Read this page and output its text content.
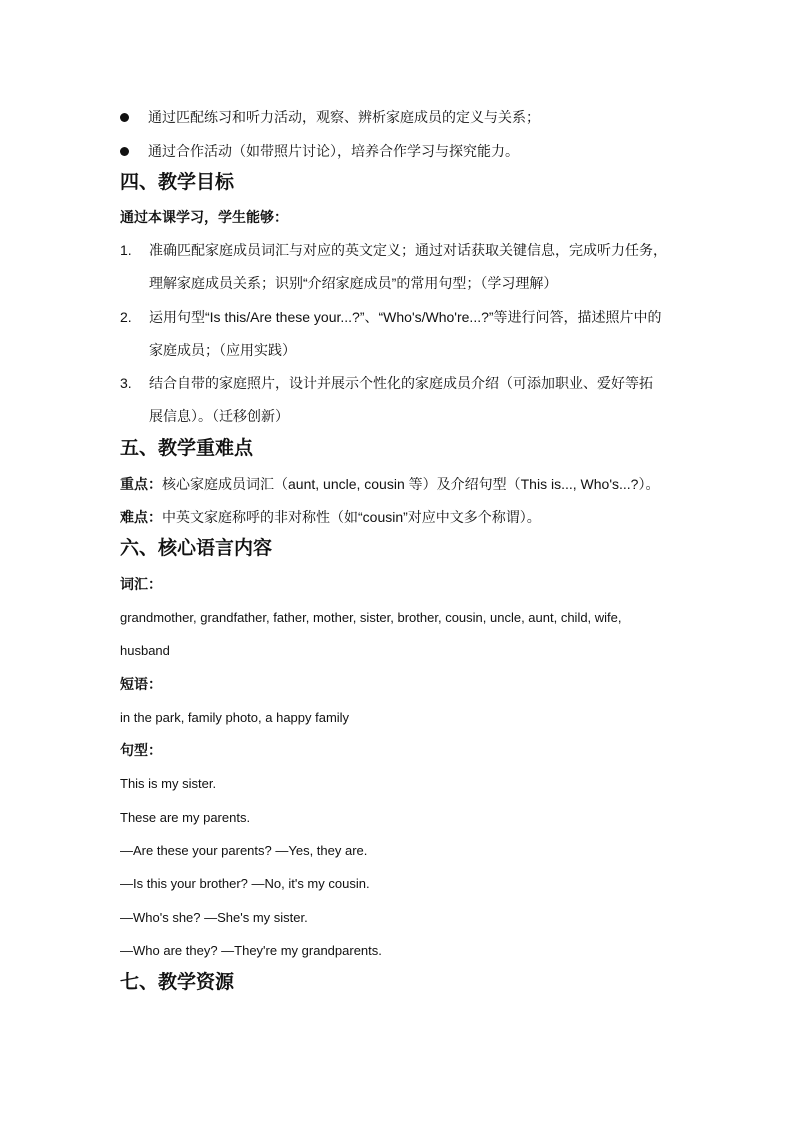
通过匹配练习和听力活动，观察、辨析家庭成员的定义与关系；
通过合作活动（如带照片讨论），培养合作学习与探究能力。
四、教学目标
通过本课学习，学生能够：
1.	准确匹配家庭成员词汇与对应的英文定义；通过对话获取关键信息，完成听力任务，
理解家庭成员关系；识别“介绍家庭成员”的常用句型；（学习理解）
2.	运用句型“Is this/Are these your...?”、“Who's/Who're...?”等进行问答，描述照片中的
家庭成员；（应用实践）
3.	结合自带的家庭照片，设计并展示个性化的家庭成员介绍（可添加职业、爱好等拓
展信息）。（迁移创新）
五、教学重难点
重点：核心家庭成员词汇（aunt, uncle, cousin 等）及介绍句型（This is..., Who's...?）。
难点：中英文家庭称呼的非对称性（如“cousin”对应中文多个称谓）。
六、核心语言内容
词汇：
grandmother, grandfather, father, mother, sister, brother, cousin, uncle, aunt, child, wife,
husband
短语：
in the park, family photo, a happy family
句型：
This is my sister.
These are my parents.
—Are these your parents? —Yes, they are.
—Is this your brother? —No, it's my cousin.
—Who's she? —She's my sister.
—Who are they? —They're my grandparents.
七、教学资源
